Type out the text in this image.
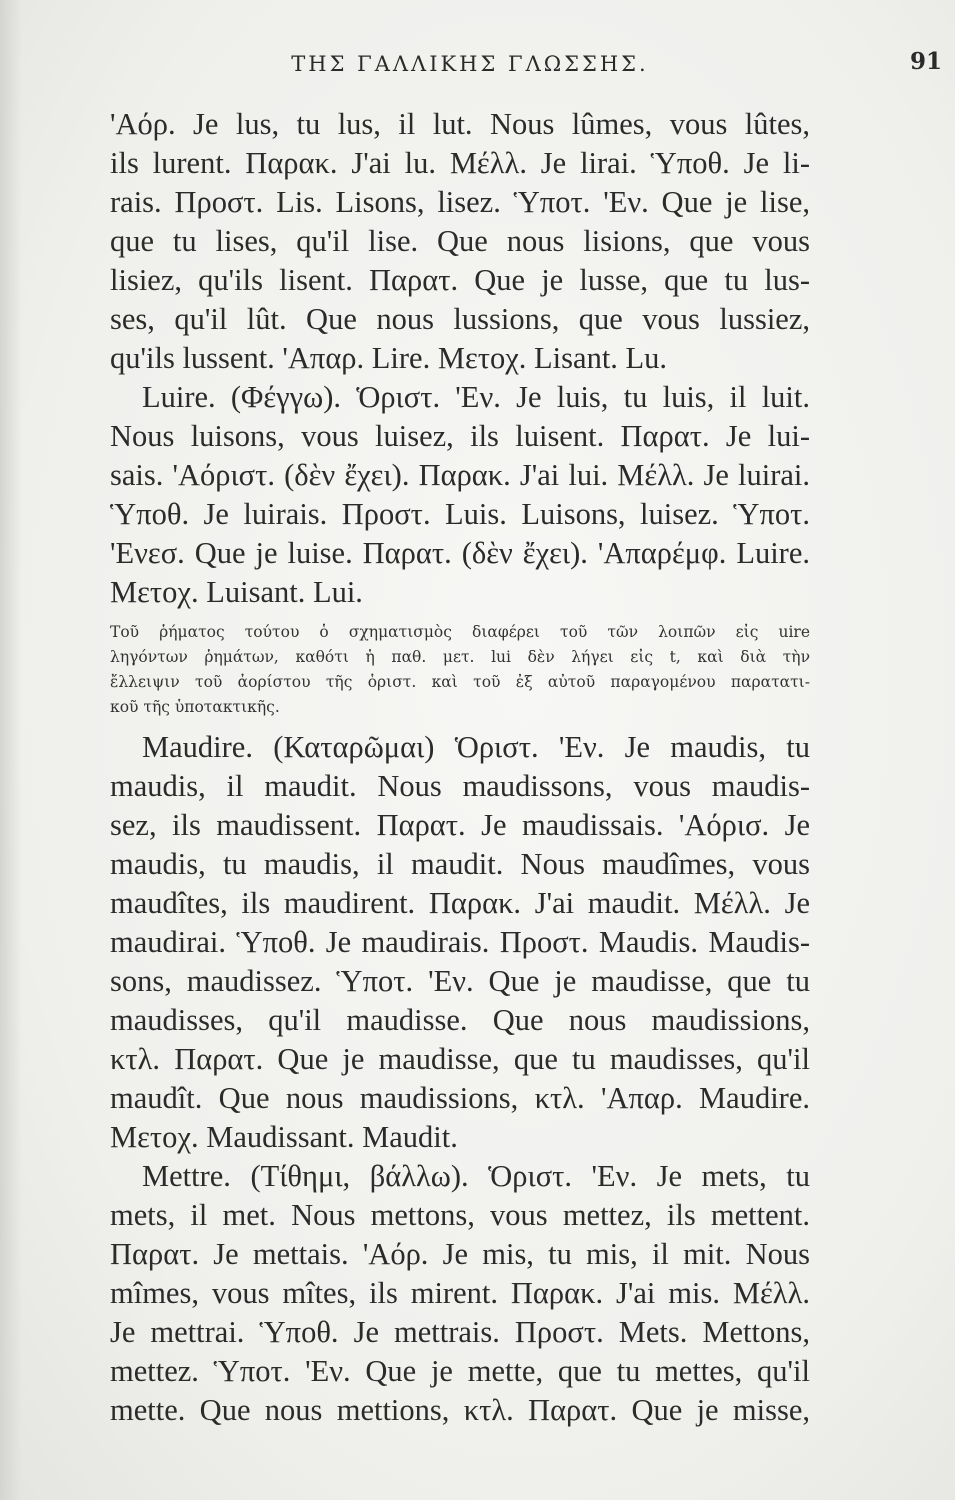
ΤΗΣ ΓΑΛΛΙΚΗΣ ΓΛΩΣΣΗΣ.	91
'Αόρ. Je lus, tu lus, il lut. Nous lûmes, vous lûtes,
ils lurent. Παρακ. J'ai lu. Μέλλ. Je lirai. Ὑποθ. Je li-
rais. Προστ. Lis. Lisons, lisez. Ὑποτ. 'Εν. Que je lise,
que tu lises, qu'il lise. Que nous lisions, que vous
lisiez, qu'ils lisent. Παρατ. Que je lusse, que tu lus-
ses, qu'il lût. Que nous lussions, que vous lussiez,
qu'ils lussent. 'Απαρ. Lire. Μετοχ. Lisant. Lu.
Luire. (Φέγγω). Ὁριστ. 'Εν. Je luis, tu luis, il luit.
Nous luisons, vous luisez, ils luisent. Παρατ. Je lui-
sais. 'Αόριστ. (δὲν ἔχει). Παρακ. J'ai lui. Μέλλ. Je luirai.
Ὑποθ. Je luirais. Προστ. Luis. Luisons, luisez. Ὑποτ.
'Ενεσ. Que je luise. Παρατ. (δὲν ἔχει). 'Απαρέμφ. Luire.
Μετοχ. Luisant. Lui.
Τοῦ ῥήματος τούτου ὁ σχηματισμὸς διαφέρει τοῦ τῶν λοιπῶν εἰς uire
ληγόντων ῥημάτων, καθότι ἡ παθ. μετ. lui δὲν λήγει εἰς t, καὶ διὰ τὴν
ἔλλειψιν τοῦ ἀορίστου τῆς ὁριστ. καὶ τοῦ ἐξ αὐτοῦ παραγομένου παρατατι-
κοῦ τῆς ὑποτακτικῆς.
Maudire. (Καταρῶμαι) Ὁριστ. 'Εν. Je maudis, tu
maudis, il maudit. Nous maudissons, vous maudis-
sez, ils maudissent. Παρατ. Je maudissais. 'Αόρισ. Je
maudis, tu maudis, il maudit. Nous maudîmes, vous
maudîtes, ils maudirent. Παρακ. J'ai maudit. Μέλλ. Je
maudirai. Ὑποθ. Je maudirais. Προστ. Maudis. Maudis-
sons, maudissez. Ὑποτ. 'Εν. Que je maudisse, que tu
maudisses, qu'il maudisse. Que nous maudissions,
κτλ. Παρατ. Que je maudisse, que tu maudisses, qu'il
maudît. Que nous maudissions, κτλ. 'Απαρ. Maudire.
Μετοχ. Maudissant. Maudit.
Mettre. (Τίθημι, βάλλω). Ὁριστ. 'Εν. Je mets, tu
mets, il met. Nous mettons, vous mettez, ils mettent.
Παρατ. Je mettais. 'Αόρ. Je mis, tu mis, il mit. Nous
mîmes, vous mîtes, ils mirent. Παρακ. J'ai mis. Μέλλ.
Je mettrai. Ὑποθ. Je mettrais. Προστ. Mets. Mettons,
mettez. Ὑποτ. 'Εν. Que je mette, que tu mettes, qu'il
mette. Que nous mettions, κτλ. Παρατ. Que je misse,
